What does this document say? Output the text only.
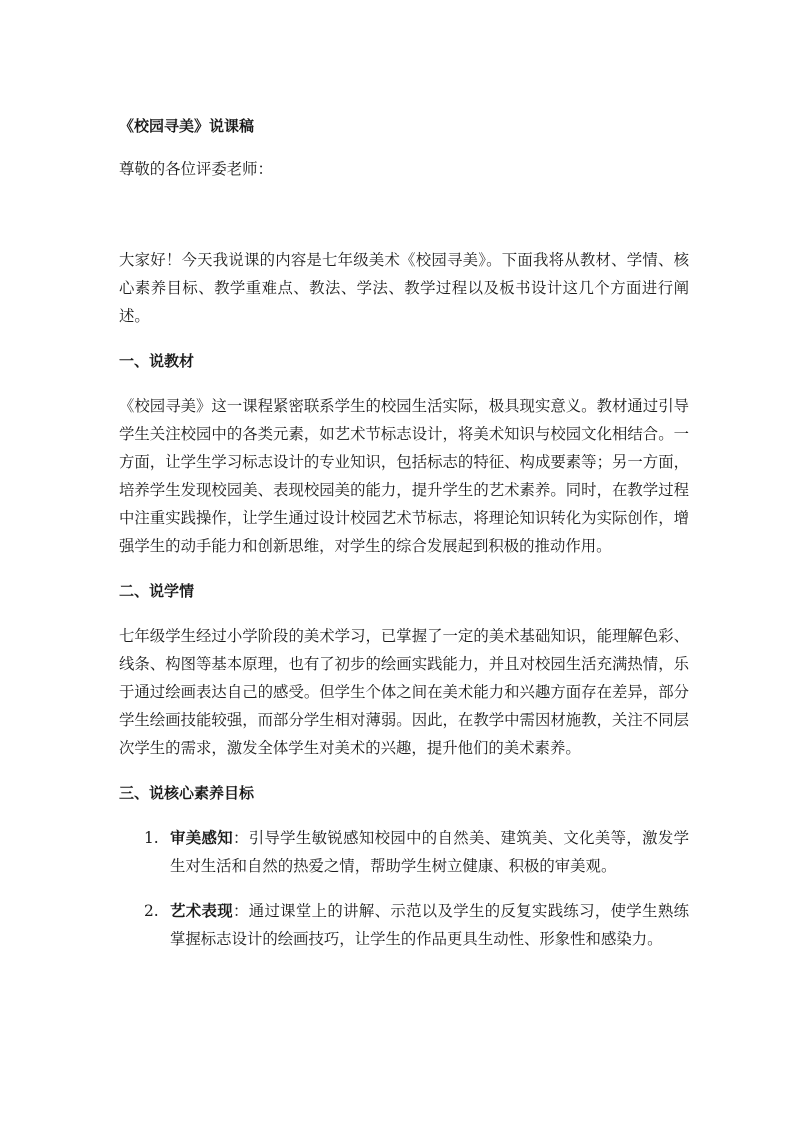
《校园寻美》说课稿

尊敬的各位评委老师：

大家好！今天我说课的内容是七年级美术《校园寻美》。下面我将从教材、学情、核心素养目标、教学重难点、教法、学法、教学过程以及板书设计这几个方面进行阐述。

一、说教材

《校园寻美》这一课程紧密联系学生的校园生活实际，极具现实意义。教材通过引导学生关注校园中的各类元素，如艺术节标志设计，将美术知识与校园文化相结合。一方面，让学生学习标志设计的专业知识，包括标志的特征、构成要素等；另一方面，培养学生发现校园美、表现校园美的能力，提升学生的艺术素养。同时，在教学过程中注重实践操作，让学生通过设计校园艺术节标志，将理论知识转化为实际创作，增强学生的动手能力和创新思维，对学生的综合发展起到积极的推动作用。

二、说学情

七年级学生经过小学阶段的美术学习，已掌握了一定的美术基础知识，能理解色彩、线条、构图等基本原理，也有了初步的绘画实践能力，并且对校园生活充满热情，乐于通过绘画表达自己的感受。但学生个体之间在美术能力和兴趣方面存在差异，部分学生绘画技能较强，而部分学生相对薄弱。因此，在教学中需因材施教，关注不同层次学生的需求，激发全体学生对美术的兴趣，提升他们的美术素养。

三、说核心素养目标

1. 审美感知：引导学生敏锐感知校园中的自然美、建筑美、文化美等，激发学生对生活和自然的热爱之情，帮助学生树立健康、积极的审美观。
2. 艺术表现：通过课堂上的讲解、示范以及学生的反复实践练习，使学生熟练掌握标志设计的绘画技巧，让学生的作品更具生动性、形象性和感染力。
